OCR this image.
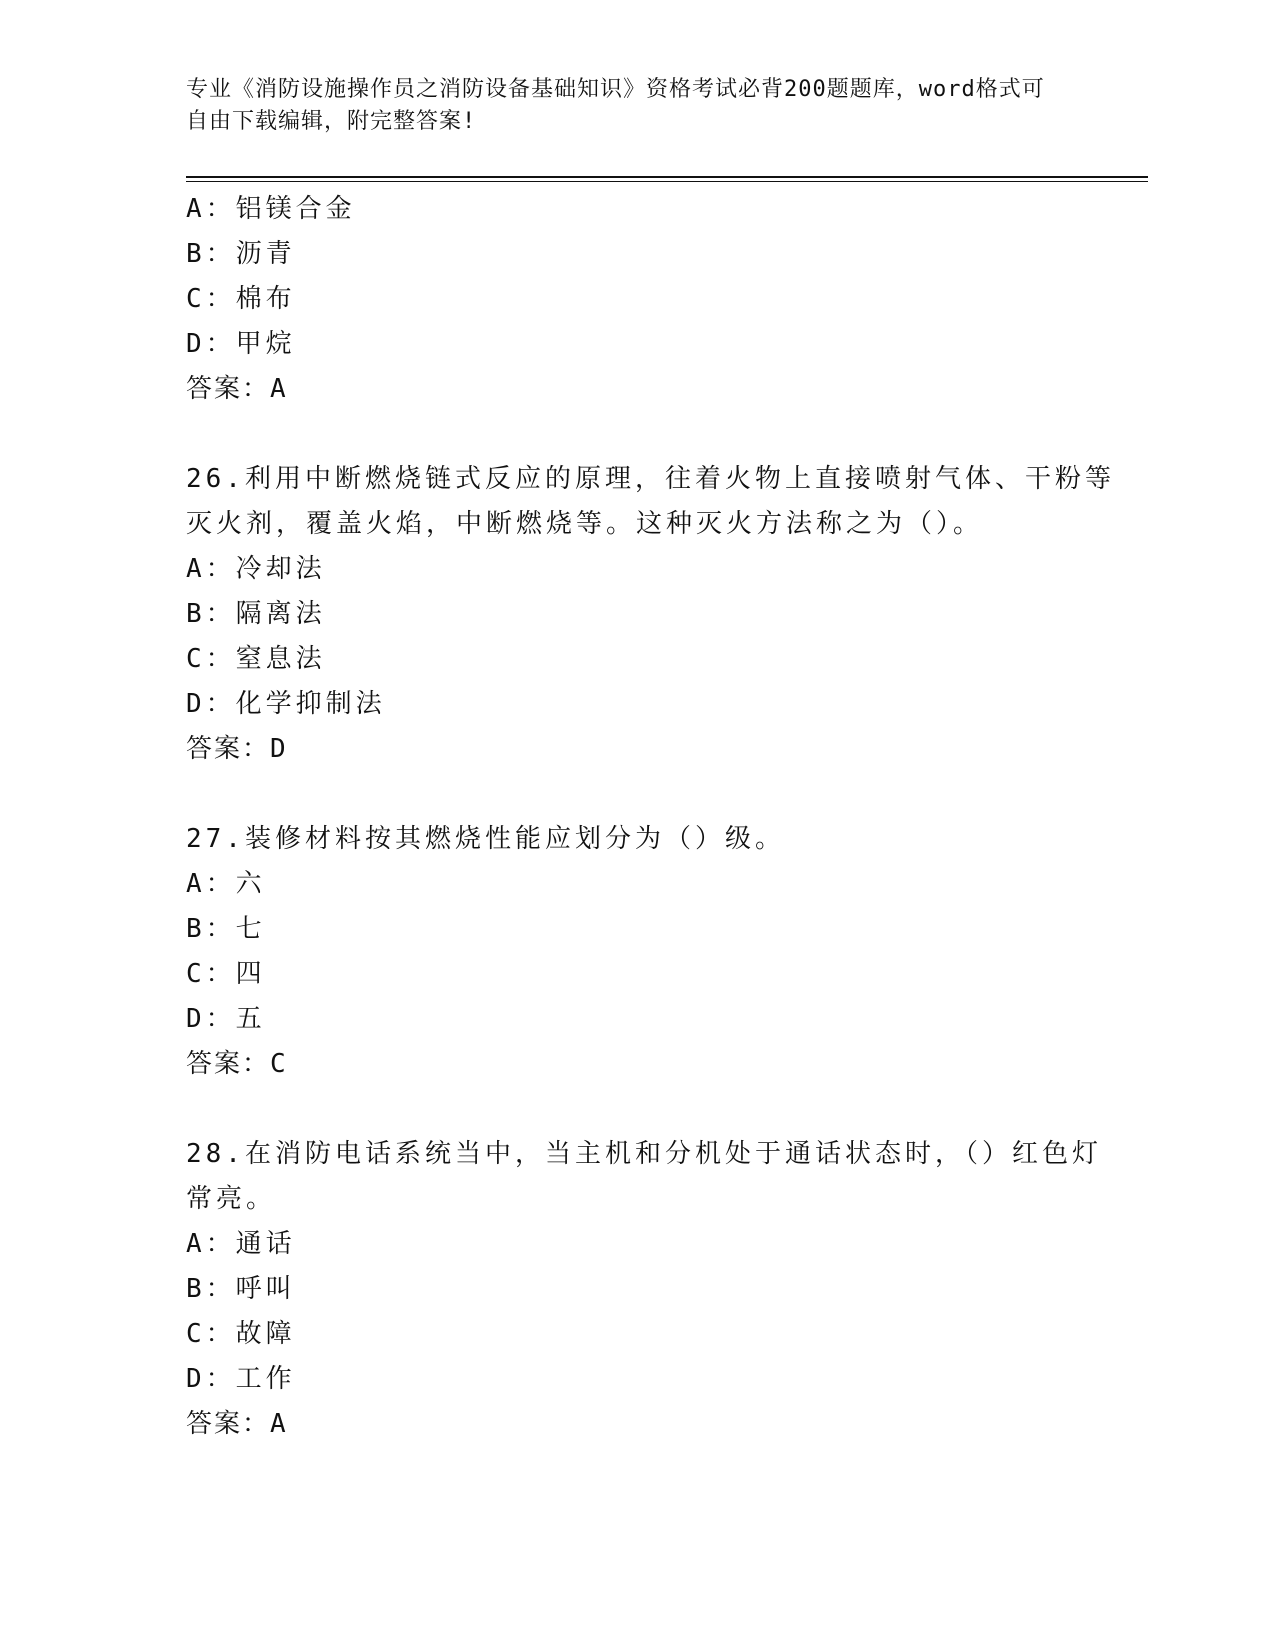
专业《消防设施操作员之消防设备基础知识》资格考试必背200题题库，word格式可自由下载编辑，附完整答案!
A：铝镁合金
B：沥青
C：棉布
D：甲烷
答案：A
26.利用中断燃烧链式反应的原理，往着火物上直接喷射气体、干粉等
灭火剂，覆盖火焰，中断燃烧等。这种灭火方法称之为（）。
A：冷却法
B：隔离法
C：窒息法
D：化学抑制法
答案：D
27.装修材料按其燃烧性能应划分为（）级。
A：六
B：七
C：四
D：五
答案：C
28.在消防电话系统当中，当主机和分机处于通话状态时，（）红色灯
常亮。
A：通话
B：呼叫
C：故障
D：工作
答案：A
